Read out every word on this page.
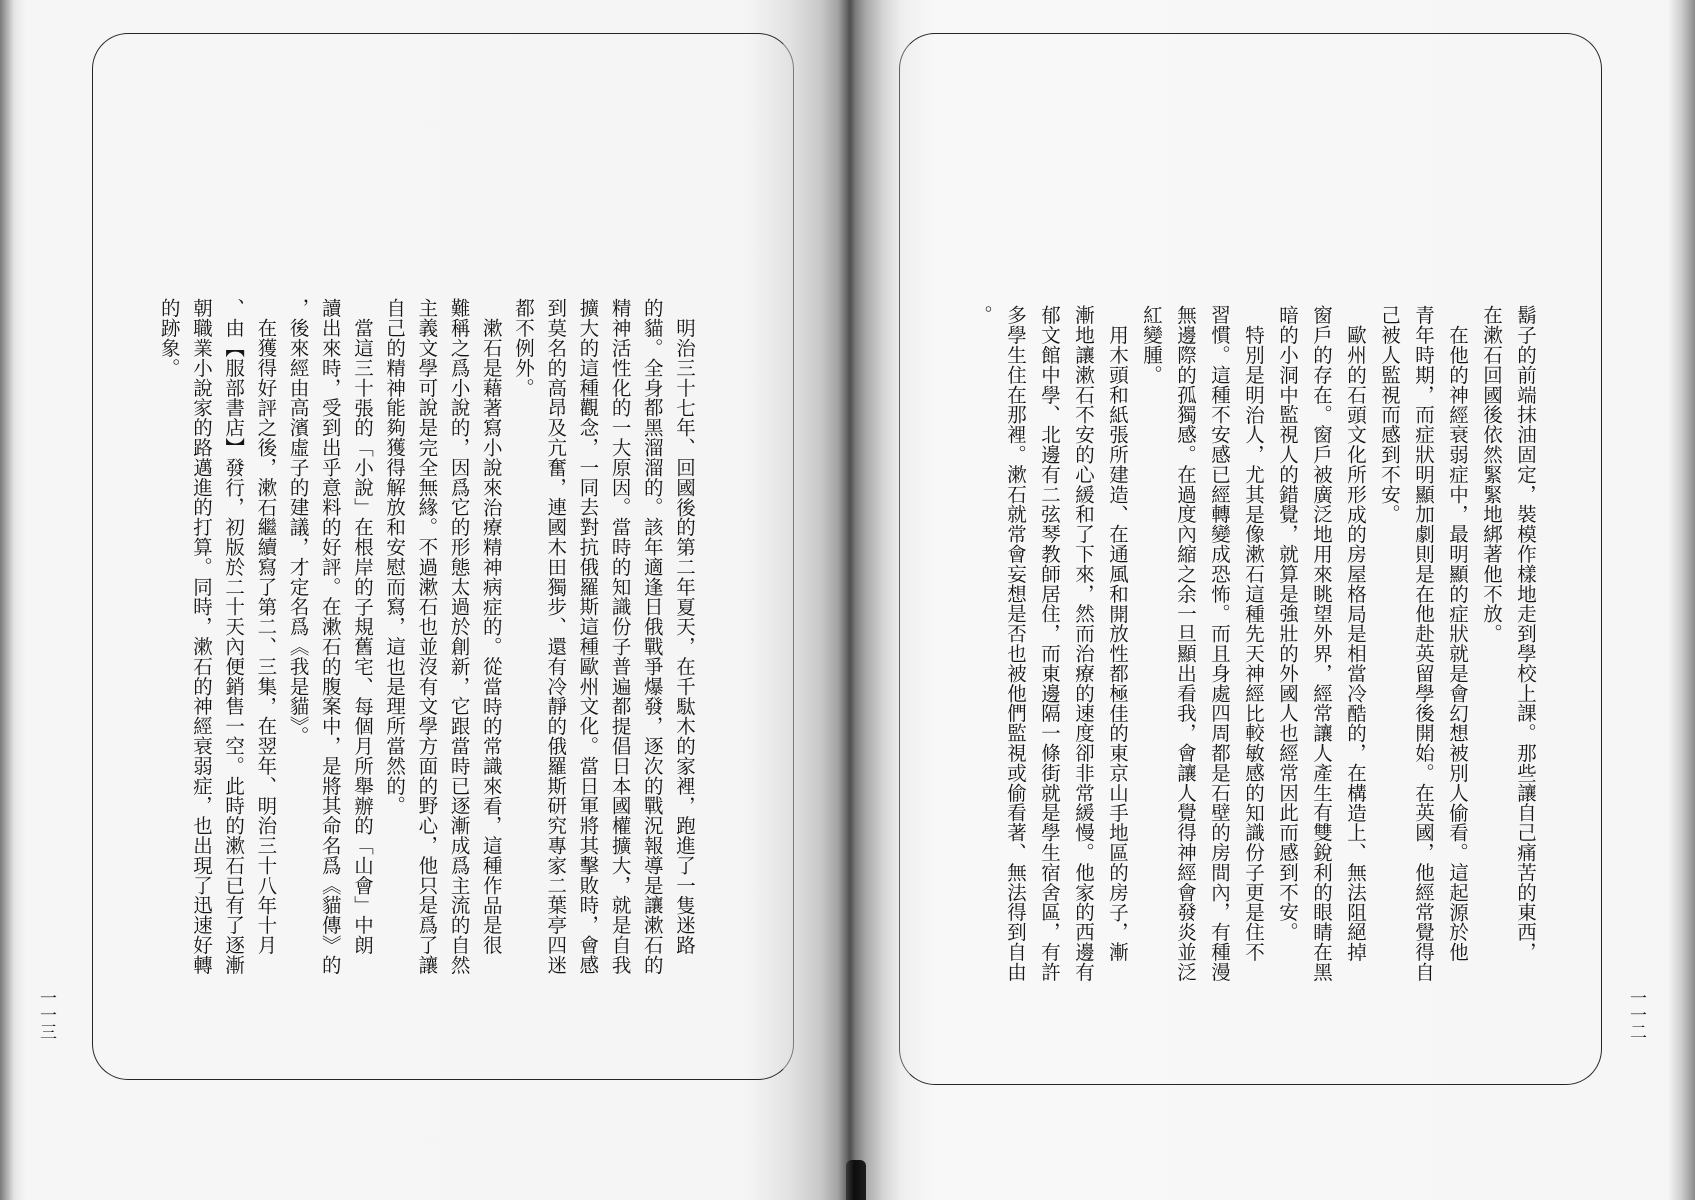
鬍子的前端抹油固定，裝模作樣地走到學校上課。那些讓自己痛苦的東西，
在漱石回國後依然緊緊地綁著他不放。
在他的神經衰弱症中，最明顯的症狀就是會幻想被別人偷看。這起源於他
青年時期，而症狀明顯加劇則是在他赴英留學後開始。在英國，他經常覺得自
己被人監視而感到不安。
歐州的石頭文化所形成的房屋格局是相當冷酷的，在構造上、無法阻絕掉
窗戶的存在。窗戶被廣泛地用來眺望外界，經常讓人產生有雙銳利的眼睛在黑
暗的小洞中監視人的錯覺，就算是強壯的外國人也經常因此而感到不安。
特別是明治人，尤其是像漱石這種先天神經比較敏感的知識份子更是住不
習慣。這種不安感已經轉變成恐怖。而且身處四周都是石壁的房間內，有種漫
無邊際的孤獨感。在過度內縮之余一旦顯出看我，會讓人覺得神經會發炎並泛
紅變腫。
用木頭和紙張所建造、在通風和開放性都極佳的東京山手地區的房子，漸
漸地讓漱石不安的心緩和了下來，然而治療的速度卻非常緩慢。他家的西邊有
郁文館中學、北邊有二弦琴教師居住，而東邊隔一條街就是學生宿舍區，有許
多學生住在那裡。漱石就常會妄想是否也被他們監視或偷看著、無法得到自由
。
明治三十七年、回國後的第二年夏天，在千駄木的家裡，跑進了一隻迷路
的貓。全身都黑溜溜的。該年適逢日俄戰爭爆發，逐次的戰況報導是讓漱石的
精神活性化的一大原因。當時的知識份子普遍都提倡日本國權擴大，就是自我
擴大的這種觀念，一同去對抗俄羅斯這種歐州文化。當日軍將其擊敗時，會感
到莫名的高昂及亢奮，連國木田獨步、還有冷靜的俄羅斯研究專家二葉亭四迷
都不例外。
漱石是藉著寫小說來治療精神病症的。從當時的常識來看，這種作品是很
難稱之爲小說的，因爲它的形態太過於創新，它跟當時已逐漸成爲主流的自然
主義文學可說是完全無緣。不過漱石也並沒有文學方面的野心，他只是爲了讓
自己的精神能夠獲得解放和安慰而寫，這也是理所當然的。
當這三十張的「小說」在根岸的子規舊宅、每個月所舉辦的「山會」中朗
讀出來時，受到出乎意料的好評。在漱石的腹案中，是將其命名爲《貓傳》的
，後來經由高濱虛子的建議，才定名爲《我是貓》。
在獲得好評之後，漱石繼續寫了第二、三集，在翌年、明治三十八年十月
、由【服部書店】發行，初版於二十天內便銷售一空。此時的漱石已有了逐漸
朝職業小說家的路邁進的打算。同時，漱石的神經衰弱症，也出現了迅速好轉
的跡象。
一一二
一一三
